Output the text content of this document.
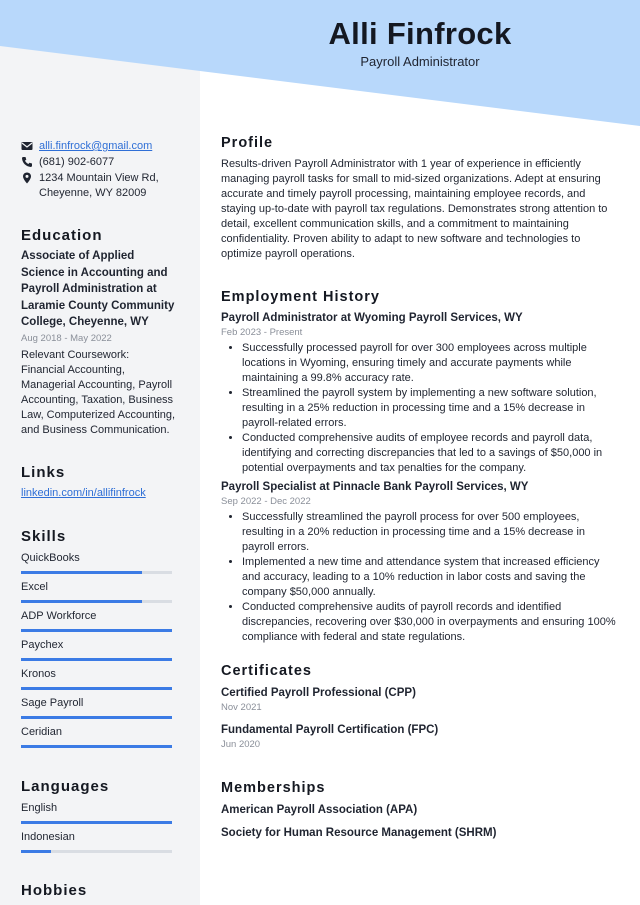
Alli Finfrock
Payroll Administrator
alli.finfrock@gmail.com
(681) 902-6077
1234 Mountain View Rd,
Cheyenne, WY 82009
Education
Associate of Applied Science in Accounting and Payroll Administration at Laramie County Community College, Cheyenne, WY
Aug 2018 - May 2022
Relevant Coursework: Financial Accounting, Managerial Accounting, Payroll Accounting, Taxation, Business Law, Computerized Accounting, and Business Communication.
Links
linkedin.com/in/allifinfrock
Skills
QuickBooks
Excel
ADP Workforce
Paychex
Kronos
Sage Payroll
Ceridian
Languages
English
Indonesian
Hobbies
Profile

Results-driven Payroll Administrator with 1 year of experience in efficiently managing payroll tasks for small to mid-sized organizations. Adept at ensuring accurate and timely payroll processing, maintaining employee records, and staying up-to-date with payroll tax regulations. Demonstrates strong attention to detail, excellent communication skills, and a commitment to maintaining confidentiality. Proven ability to adapt to new software and technologies to optimize payroll operations.

Employment History
Payroll Administrator at Wyoming Payroll Services, WY
Feb 2023 - Present
• Successfully processed payroll for over 300 employees across multiple locations in Wyoming, ensuring timely and accurate payments while maintaining a 99.8% accuracy rate.
• Streamlined the payroll system by implementing a new software solution, resulting in a 25% reduction in processing time and a 15% decrease in payroll-related errors.
• Conducted comprehensive audits of employee records and payroll data, identifying and correcting discrepancies that led to a savings of $50,000 in potential overpayments and tax penalties for the company.
Payroll Specialist at Pinnacle Bank Payroll Services, WY
Sep 2022 - Dec 2022
• Successfully streamlined the payroll process for over 500 employees, resulting in a 20% reduction in processing time and a 15% decrease in payroll errors.
• Implemented a new time and attendance system that increased efficiency and accuracy, leading to a 10% reduction in labor costs and saving the company $50,000 annually.
• Conducted comprehensive audits of payroll records and identified discrepancies, recovering over $30,000 in overpayments and ensuring 100% compliance with federal and state regulations.
Certificates
Certified Payroll Professional (CPP)
Nov 2021
Fundamental Payroll Certification (FPC)
Jun 2020
Memberships
American Payroll Association (APA)
Society for Human Resource Management (SHRM)
